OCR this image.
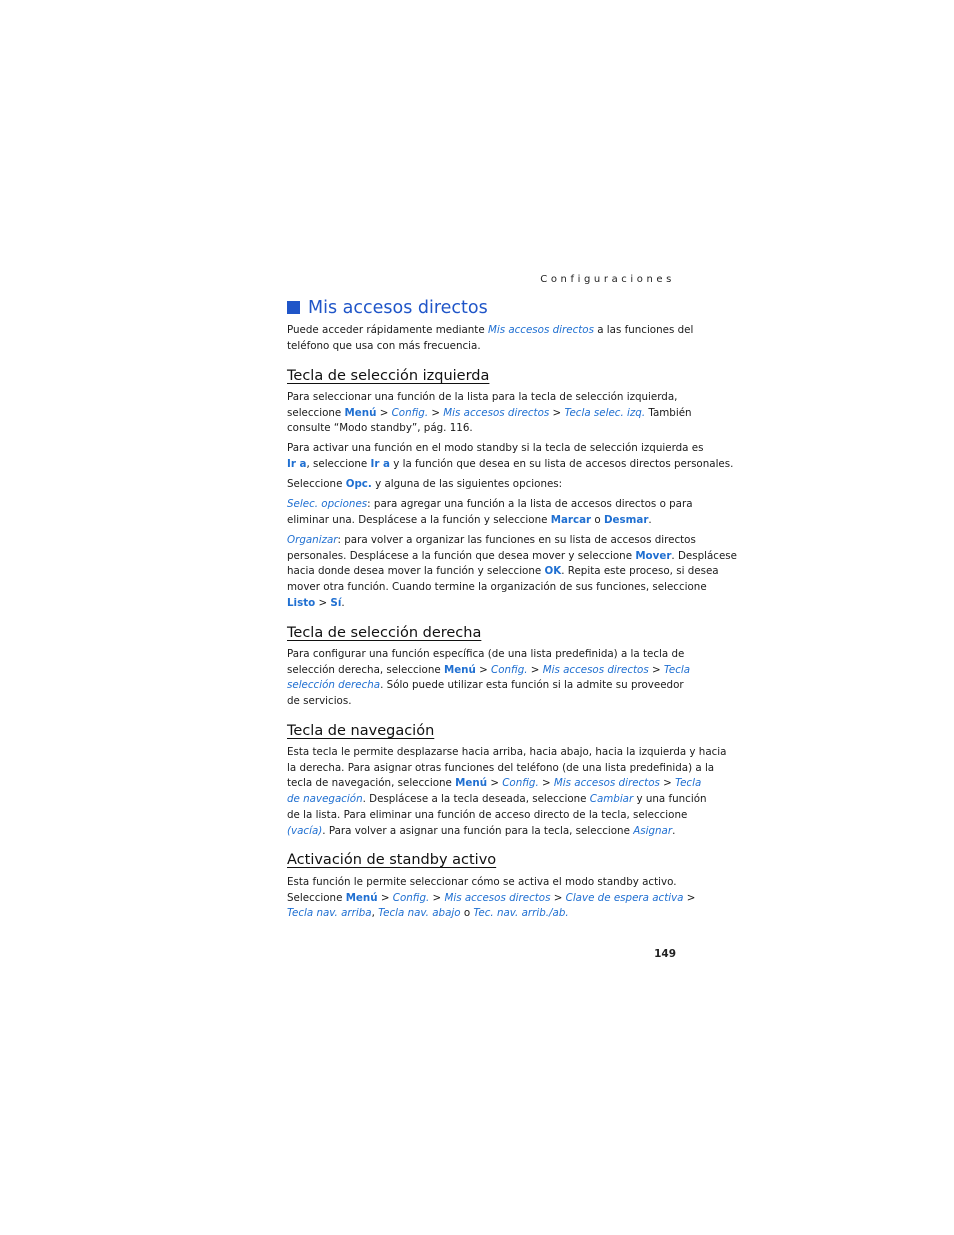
Configuraciones
Mis accesos directos
Puede acceder rápidamente mediante Mis accesos directos a las funciones del
teléfono que usa con más frecuencia.
Tecla de selección izquierda
Para seleccionar una función de la lista para la tecla de selección izquierda,
seleccione Menú > Config. > Mis accesos directos > Tecla selec. izq. También
consulte “Modo standby”, pág. 116.
Para activar una función en el modo standby si la tecla de selección izquierda es
Ir a, seleccione Ir a y la función que desea en su lista de accesos directos personales.
Seleccione Opc. y alguna de las siguientes opciones:
Selec. opciones: para agregar una función a la lista de accesos directos o para
eliminar una. Desplácese a la función y seleccione Marcar o Desmar.
Organizar: para volver a organizar las funciones en su lista de accesos directos
personales. Desplácese a la función que desea mover y seleccione Mover. Desplácese
hacia donde desea mover la función y seleccione OK. Repita este proceso, si desea
mover otra función. Cuando termine la organización de sus funciones, seleccione
Listo > Sí.
Tecla de selección derecha
Para configurar una función específica (de una lista predefinida) a la tecla de
selección derecha, seleccione Menú > Config. > Mis accesos directos > Tecla
selección derecha. Sólo puede utilizar esta función si la admite su proveedor
de servicios.
Tecla de navegación
Esta tecla le permite desplazarse hacia arriba, hacia abajo, hacia la izquierda y hacia
la derecha. Para asignar otras funciones del teléfono (de una lista predefinida) a la
tecla de navegación, seleccione Menú > Config. > Mis accesos directos > Tecla
de navegación. Desplácese a la tecla deseada, seleccione Cambiar y una función
de la lista. Para eliminar una función de acceso directo de la tecla, seleccione
(vacía). Para volver a asignar una función para la tecla, seleccione Asignar.
Activación de standby activo
Esta función le permite seleccionar cómo se activa el modo standby activo.
Seleccione Menú > Config. > Mis accesos directos > Clave de espera activa >
Tecla nav. arriba, Tecla nav. abajo o Tec. nav. arrib./ab.
149
